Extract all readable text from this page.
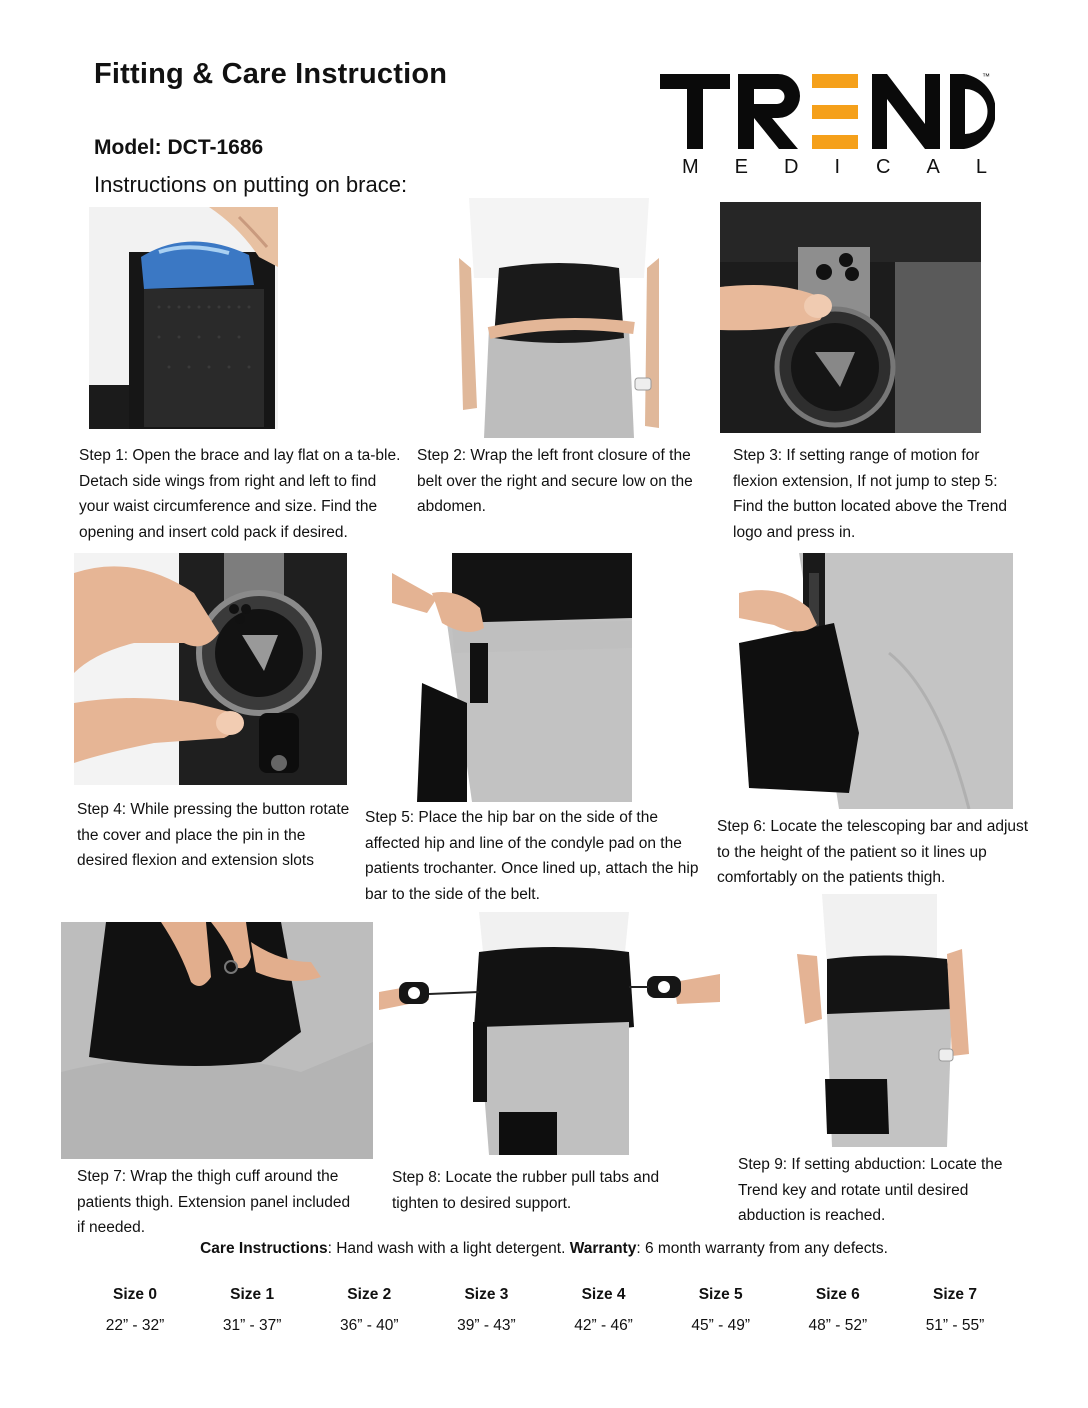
Fitting & Care Instruction
Model: DCT-1686
Instructions on putting on brace:
™
M E D I C A L
Step 1: Open the brace and lay flat on a ta-ble. Detach side wings from right and left to find your waist circumference and size. Find the opening and insert cold pack if desired.
Step 2: Wrap the left front closure of the belt over the right and secure low on the abdomen.
Step 3: If setting range of motion for flexion extension, If not jump to step 5: Find the button located above the Trend logo and press in.
Step 4: While pressing the button rotate the cover and place the pin in the desired flexion and extension slots
Step 5: Place the hip bar on the side of the affected hip and line of the condyle pad on the patients trochanter. Once lined up, attach the hip bar to the side of the belt.
Step 6: Locate the telescoping bar and adjust to the height of the patient so it lines up comfortably on the patients thigh.
Step 7: Wrap the thigh cuff around the patients thigh. Extension panel included if needed.
Step 8: Locate the rubber pull tabs and tighten to desired support.
Step 9: If setting abduction: Locate the Trend key and rotate until desired abduction is reached.
Care Instructions: Hand wash with a light detergent. Warranty: 6 month warranty from any defects.
Size 0
22” - 32”
Size 1
31” - 37”
Size 2
36” - 40”
Size 3
39” - 43”
Size 4
42” - 46”
Size 5
45” - 49”
Size 6
48” - 52”
Size 7
51” - 55”
